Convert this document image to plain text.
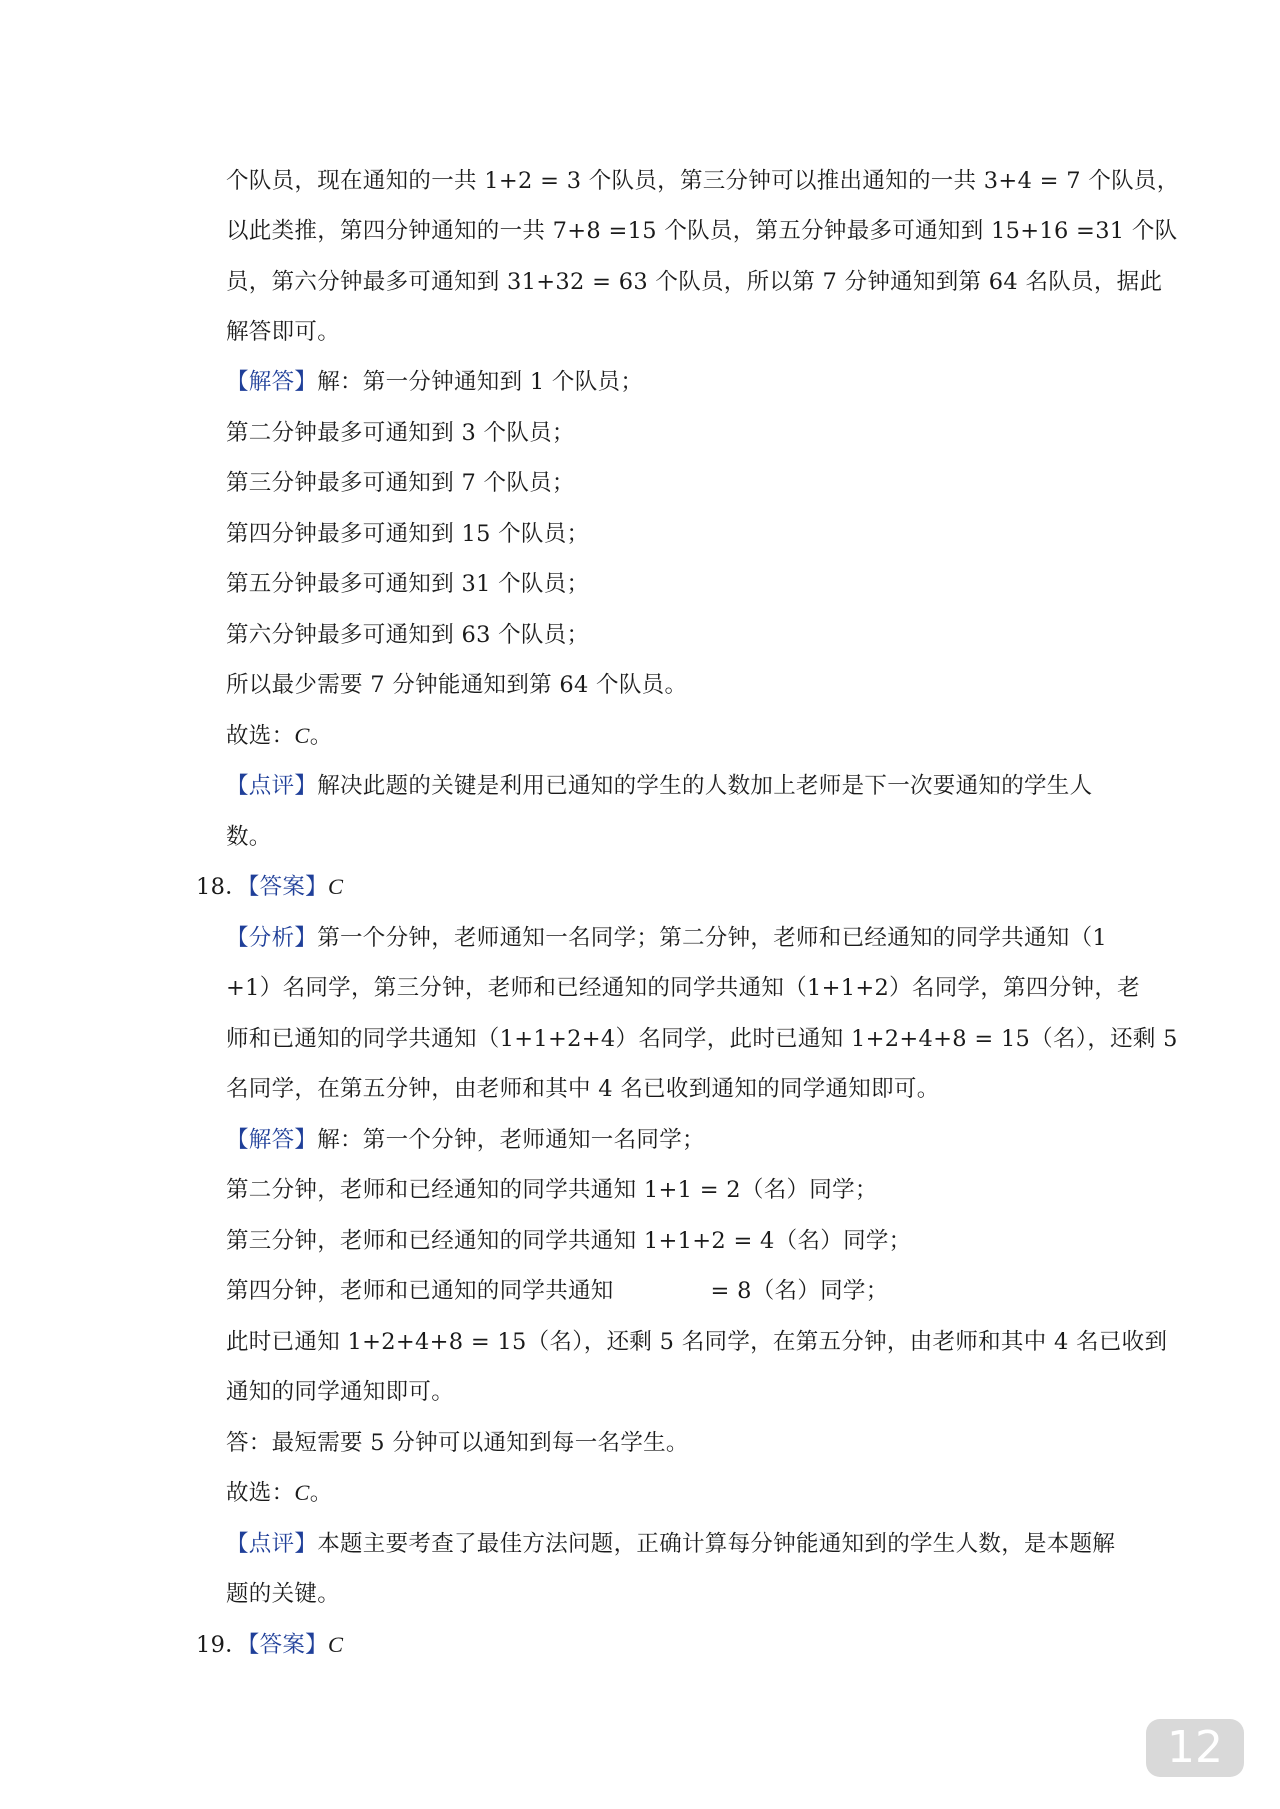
个队员，现在通知的一共 1+2 = 3 个队员，第三分钟可以推出通知的一共 3+4 = 7 个队员，
以此类推，第四分钟通知的一共 7+8 =15 个队员，第五分钟最多可通知到 15+16 =31 个队
员，第六分钟最多可通知到 31+32 = 63 个队员，所以第 7 分钟通知到第 64 名队员，据此
解答即可。
【解答】解：第一分钟通知到 1 个队员；
第二分钟最多可通知到 3 个队员；
第三分钟最多可通知到 7 个队员；
第四分钟最多可通知到 15 个队员；
第五分钟最多可通知到 31 个队员；
第六分钟最多可通知到 63 个队员；
所以最少需要 7 分钟能通知到第 64 个队员。
故选：C。
【点评】解决此题的关键是利用已通知的学生的人数加上老师是下一次要通知的学生人
数。
18．【答案】C
【分析】第一个分钟，老师通知一名同学；第二分钟，老师和已经通知的同学共通知（1
+1）名同学，第三分钟，老师和已经通知的同学共通知（1+1+2）名同学，第四分钟，老
师和已通知的同学共通知（1+1+2+4）名同学，此时已通知 1+2+4+8 = 15（名），还剩 5
名同学，在第五分钟，由老师和其中 4 名已收到通知的同学通知即可。
【解答】解：第一个分钟，老师通知一名同学；
第二分钟，老师和已经通知的同学共通知 1+1 = 2（名）同学；
第三分钟，老师和已经通知的同学共通知 1+1+2 = 4（名）同学；
第四分钟，老师和已通知的同学共通知	= 8（名）同学；
此时已通知 1+2+4+8 = 15（名），还剩 5 名同学，在第五分钟，由老师和其中 4 名已收到
通知的同学通知即可。
答：最短需要 5 分钟可以通知到每一名学生。
故选：C。
【点评】本题主要考查了最佳方法问题，正确计算每分钟能通知到的学生人数，是本题解
题的关键。
19．【答案】C
12
